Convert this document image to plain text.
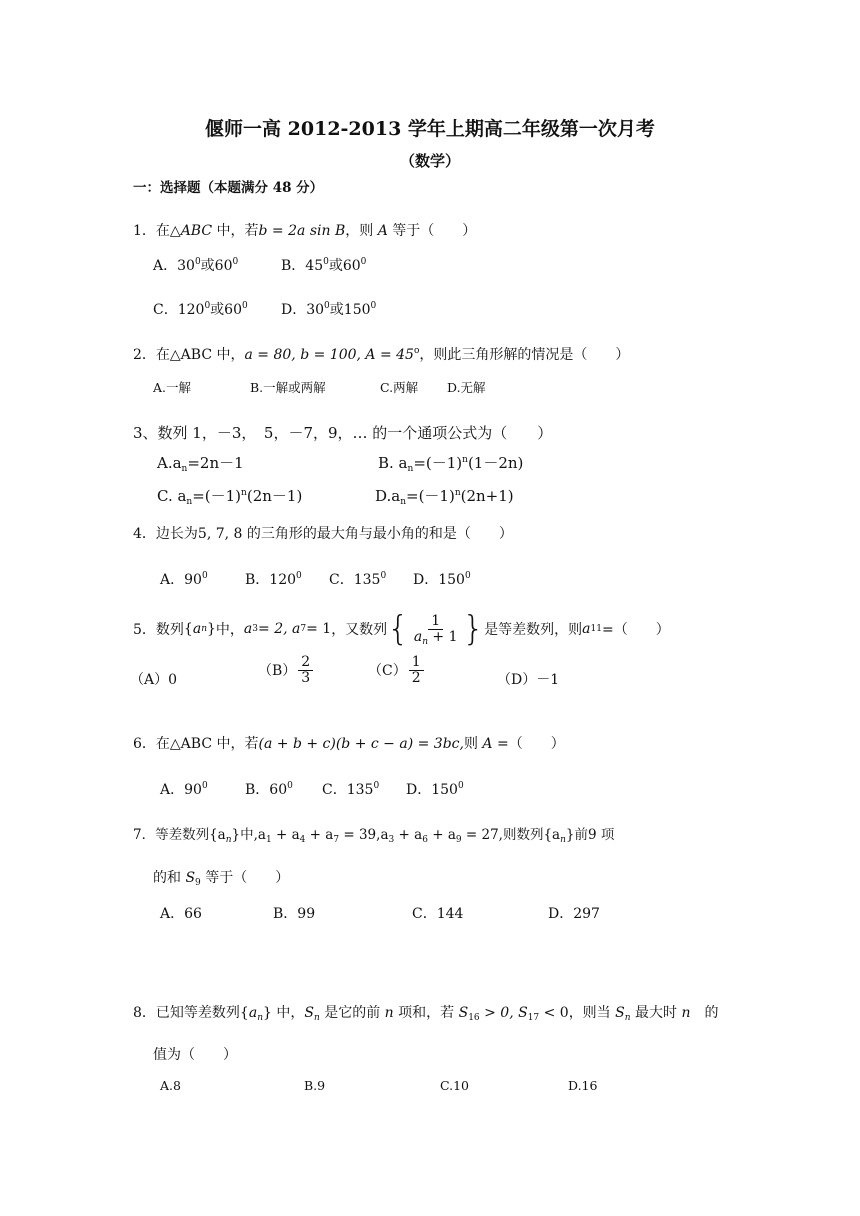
偃师一高 2012-2013 学年上期高二年级第一次月考
（数学）
一：选择题（本题满分 48 分）
1．在△ABC 中，若b = 2a sin B，则 A 等于（　　）
A．$30^0$或$60^0$	B．$45^0$或$60^0$
C．$120^0$或$60^0$ D．$30^0$或$150^0$
2．在△ABC 中，a = 80, b = 100, $A = 45^o$，则此三角形解的情况是（　　）
A.一解	B.一解或两解	C.两解 D.无解
3、数列 1，－3，　5，－7，9，… 的一个通项公式为（　　）
$A.a_n=2n-1$	B. $a_n=(-1)^n(1-2n)$
C. $a_n=(-1)^n(2n-1)$	$D.a_n=(-1)^n(2n+1)$
4．边长为5, 7, 8 的三角形的最大角与最小角的和是（　　）
A．$90^0$	B．$120^0$ C．$135^0$ D．$150^0$
5．数列 { a n } 中， a 3 = 2, a 7 = 1 ，又数列 { $\frac{1}{a_n + 1}$ } 是等差数列，则 a 11 =（　　）
（A）0
$(B) \frac{2}{3}$	$(C) \frac{1}{2}$	（D）－1
6．在△ABC 中，若(a + b + c)(b + c − a) = 3bc,则 A =（　　）
A．$90^0$	B．$60^0$ C．$135^0$ D．$150^0$
7．等差数列$\{a_n\}$中$,a_1 + a_4 + a_7 = 39,a_3 + a_6 + a_9 = 27$,则数列$\{a_n\}$前9 项
的和 $S_9$ 等于（　　）
A．66	B．99	C．144	D．297
8．已知等差数列$\{a_n\}$ 中，$S_n$ 是它的前 n 项和，若 $S_{16} > 0$, $S_{17} < 0$，则当 $S_n$ 最大时 n　的
值为（　　）
A.8	B.9	C.10	D.16
